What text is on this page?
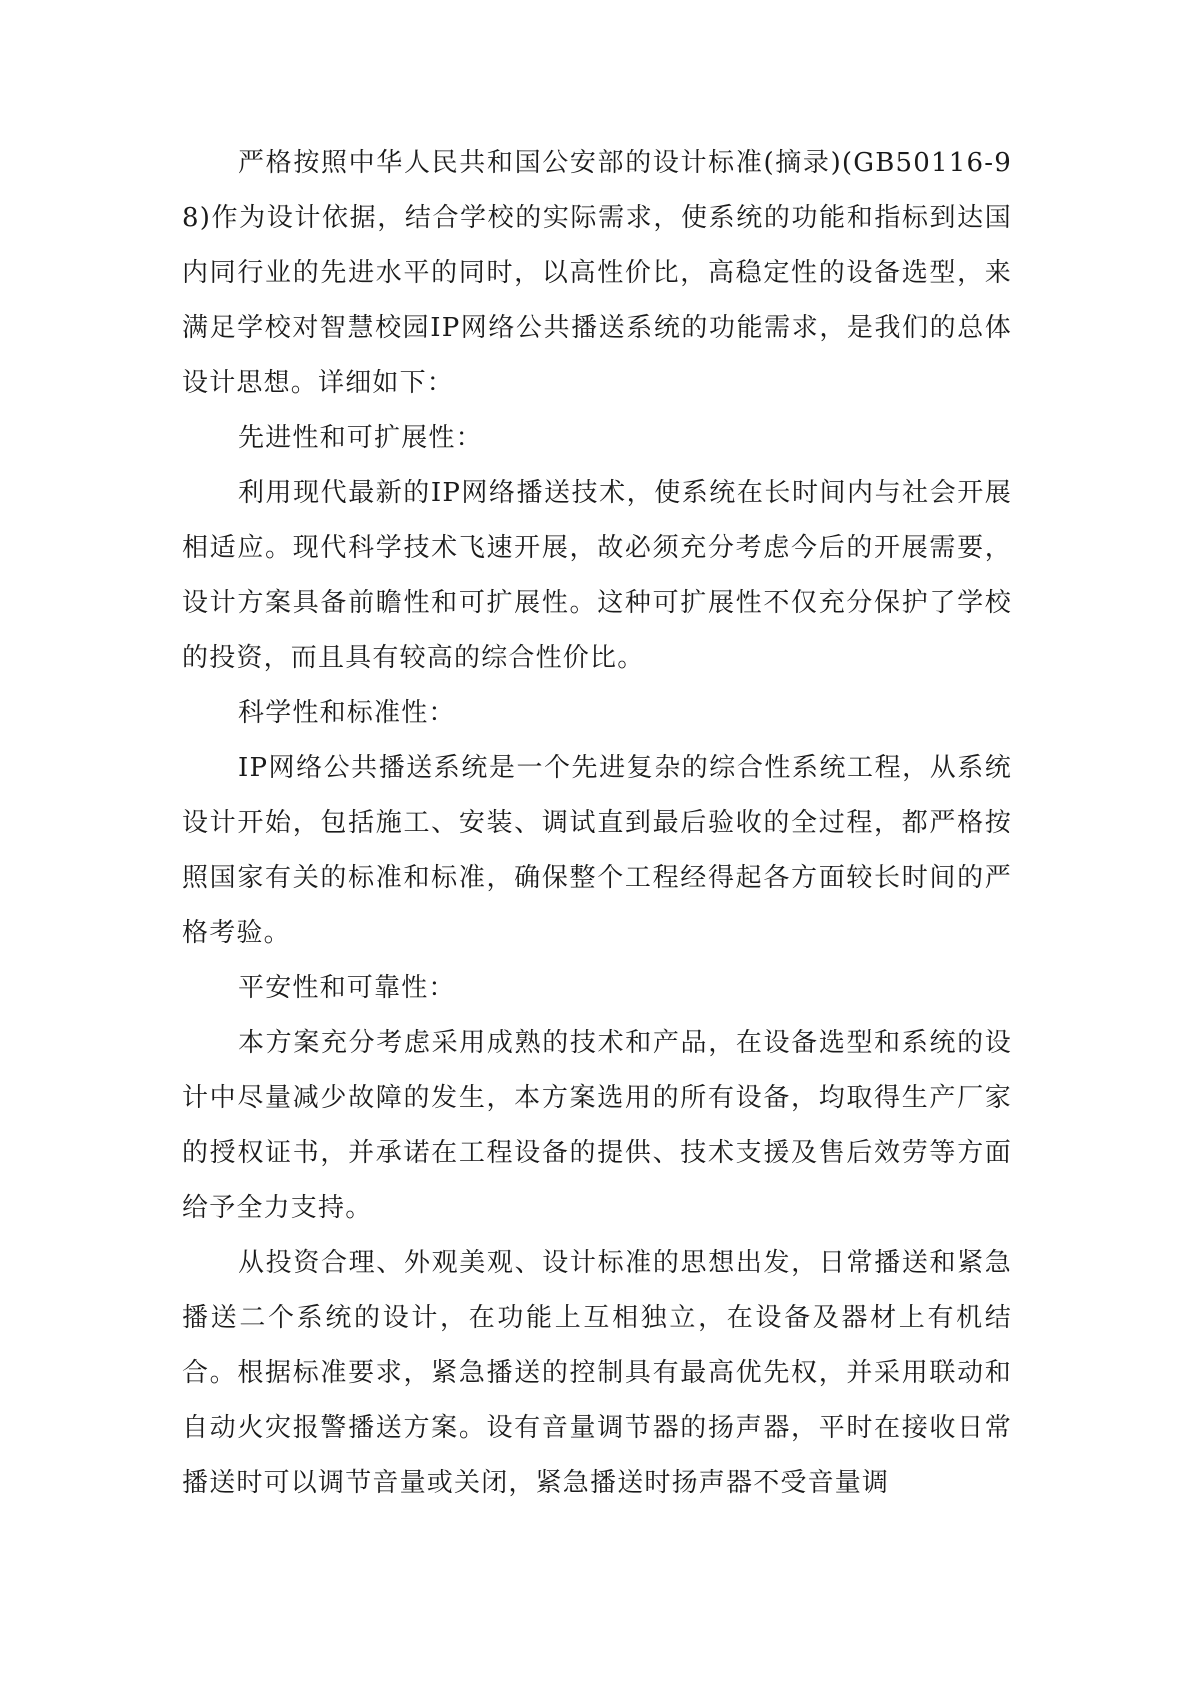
严格按照中华人民共和国公安部的设计标准(摘录)(GB50116-98)作为设计依据，结合学校的实际需求，使系统的功能和指标到达国内同行业的先进水平的同时，以高性价比，高稳定性的设备选型，来满足学校对智慧校园IP网络公共播送系统的功能需求，是我们的总体设计思想。详细如下：

先进性和可扩展性：

利用现代最新的IP网络播送技术，使系统在长时间内与社会开展相适应。现代科学技术飞速开展，故必须充分考虑今后的开展需要，设计方案具备前瞻性和可扩展性。这种可扩展性不仅充分保护了学校的投资，而且具有较高的综合性价比。

科学性和标准性：

IP网络公共播送系统是一个先进复杂的综合性系统工程，从系统设计开始，包括施工、安装、调试直到最后验收的全过程，都严格按照国家有关的标准和标准，确保整个工程经得起各方面较长时间的严格考验。

平安性和可靠性：

本方案充分考虑采用成熟的技术和产品，在设备选型和系统的设计中尽量减少故障的发生，本方案选用的所有设备，均取得生产厂家的授权证书，并承诺在工程设备的提供、技术支援及售后效劳等方面给予全力支持。

从投资合理、外观美观、设计标准的思想出发，日常播送和紧急播送二个系统的设计，在功能上互相独立，在设备及器材上有机结合。根据标准要求，紧急播送的控制具有最高优先权，并采用联动和自动火灾报警播送方案。设有音量调节器的扬声器，平时在接收日常播送时可以调节音量或关闭，紧急播送时扬声器不受音量调
